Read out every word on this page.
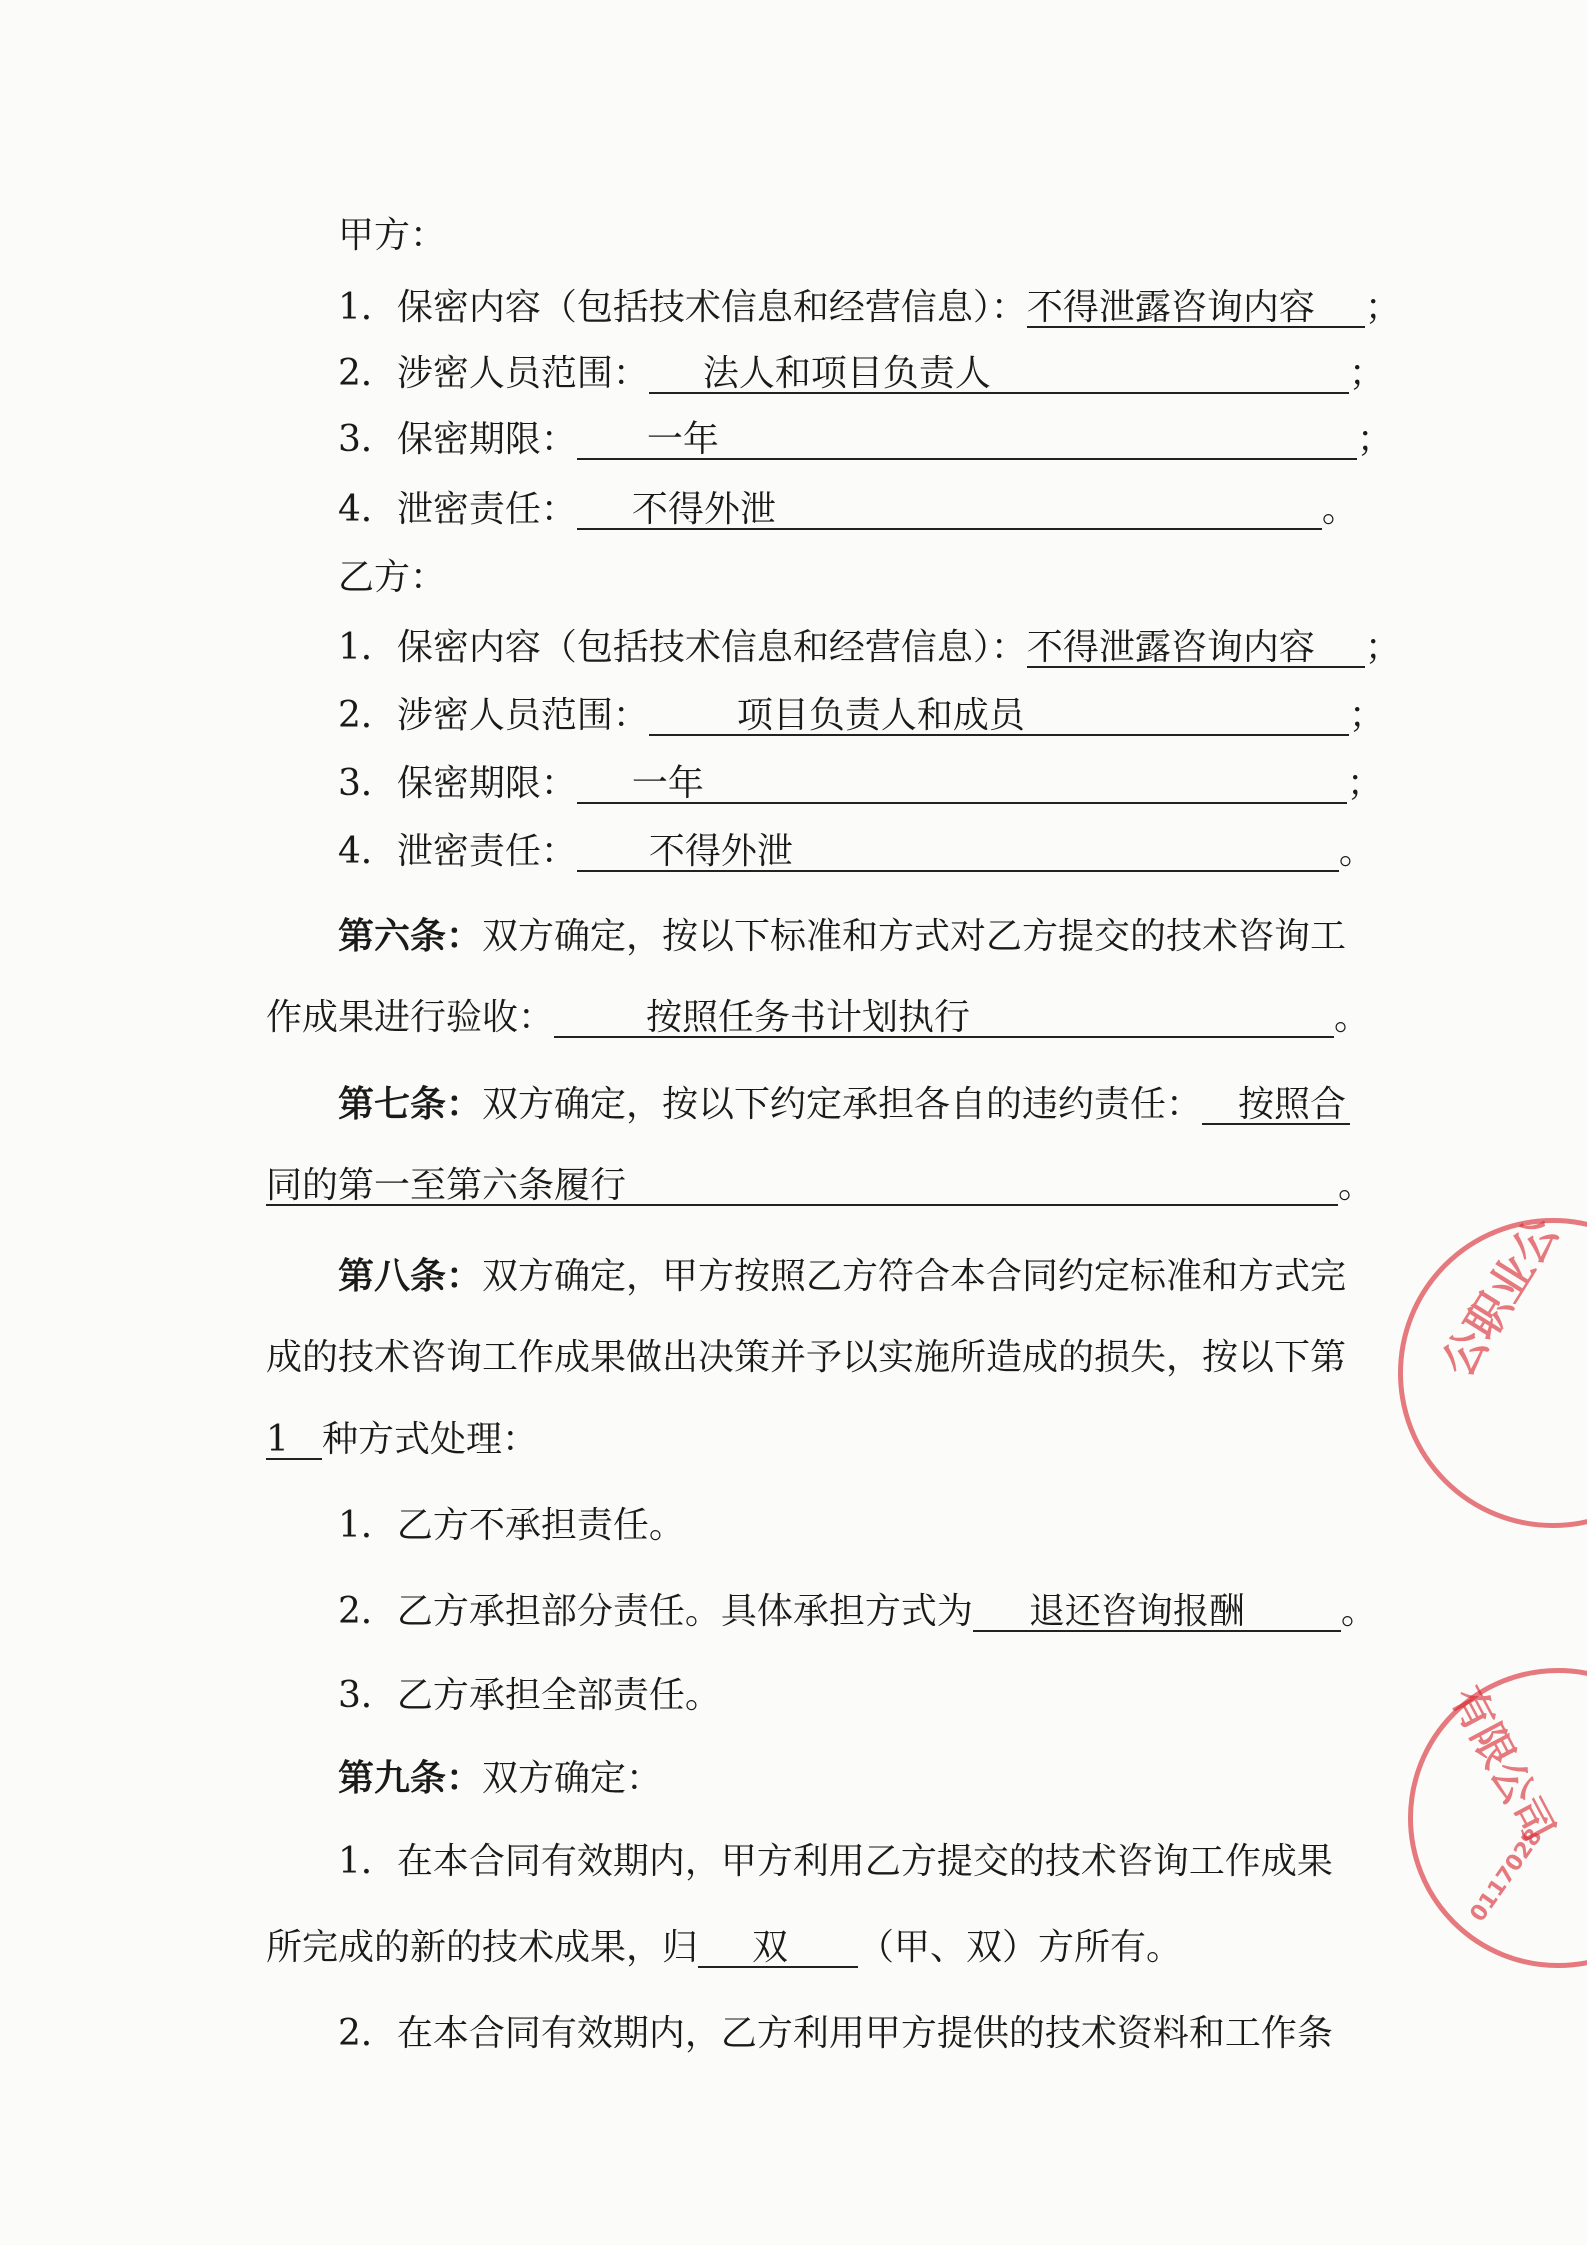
甲方：
1．保密内容（包括技术信息和经营信息）：不得泄露咨询内容 ；
2．涉密人员范围： 法人和项目负责人	；
3．保密期限： 一年	；
4．泄密责任： 不得外泄	。
乙方：
1．保密内容（包括技术信息和经营信息）：不得泄露咨询内容 ；
2．涉密人员范围： 项目负责人和成员	；
3．保密期限： 一年	；
4．泄密责任： 不得外泄	。
第六条：双方确定，按以下标准和方式对乙方提交的技术咨询工
作成果进行验收：	按照任务书计划执行	。
第七条：双方确定，按以下约定承担各自的违约责任： 按照合
同的第一至第六条履行	。
第八条：双方确定，甲方按照乙方符合本合同约定标准和方式完
成的技术咨询工作成果做出决策并予以实施所造成的损失，按以下第
1 种方式处理：
1．乙方不承担责任。
2．乙方承担部分责任。具体承担方式为 退还咨询报酬	。
3．乙方承担全部责任。
第九条：双方确定：
1．在本合同有效期内，甲方利用乙方提交的技术咨询工作成果
所完成的新的技术成果，归 双 （甲、双）方所有。
2．在本合同有效期内，乙方利用甲方提供的技术资料和工作条
公职业公
有限公司
0117028
